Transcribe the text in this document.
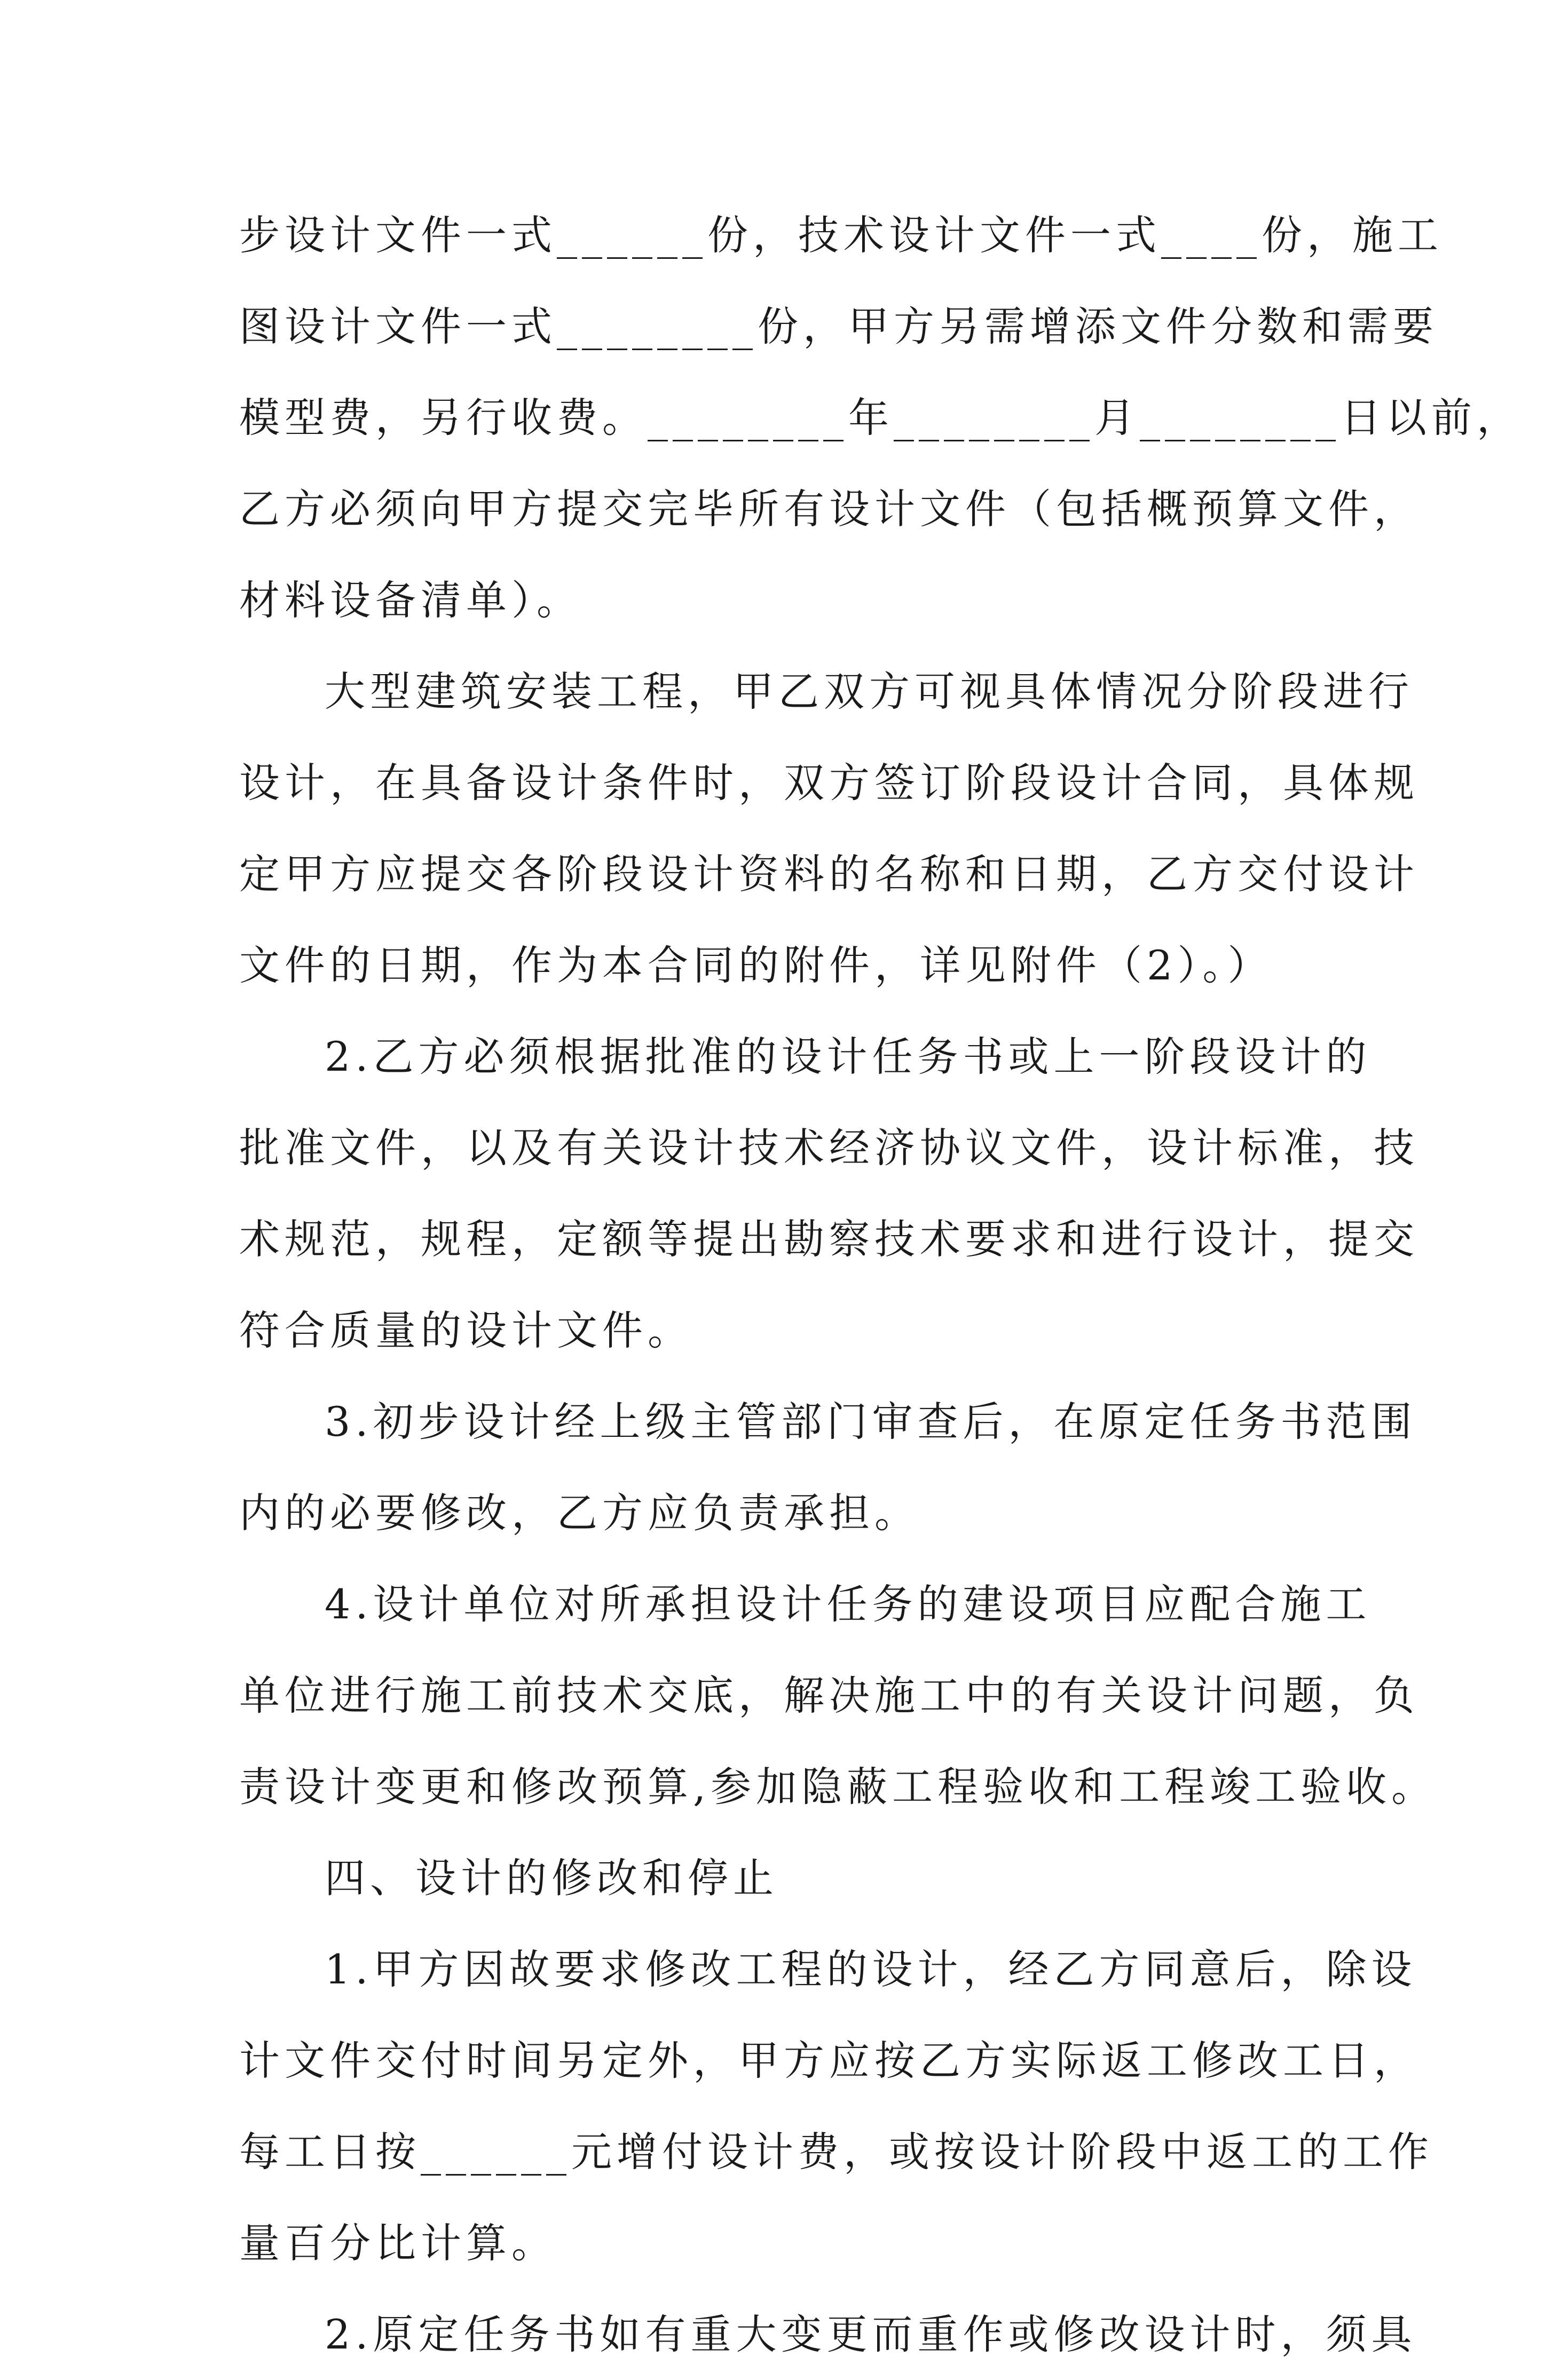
步设计文件一式______份，技术设计文件一式____份，施工
图设计文件一式________份，甲方另需增添文件分数和需要
模型费，另行收费。________年________月________日以前，
乙方必须向甲方提交完毕所有设计文件（包括概预算文件，
材料设备清单）。
大型建筑安装工程，甲乙双方可视具体情况分阶段进行
设计，在具备设计条件时，双方签订阶段设计合同，具体规
定甲方应提交各阶段设计资料的名称和日期，乙方交付设计
文件的日期，作为本合同的附件，详见附件（2）。）
2.乙方必须根据批准的设计任务书或上一阶段设计的
批准文件，以及有关设计技术经济协议文件，设计标准，技
术规范，规程，定额等提出勘察技术要求和进行设计，提交
符合质量的设计文件。
3.初步设计经上级主管部门审查后，在原定任务书范围
内的必要修改，乙方应负责承担。
4.设计单位对所承担设计任务的建设项目应配合施工
单位进行施工前技术交底，解决施工中的有关设计问题，负
责设计变更和修改预算,参加隐蔽工程验收和工程竣工验收。
四、设计的修改和停止
1.甲方因故要求修改工程的设计，经乙方同意后，除设
计文件交付时间另定外，甲方应按乙方实际返工修改工日，
每工日按______元增付设计费，或按设计阶段中返工的工作
量百分比计算。
2.原定任务书如有重大变更而重作或修改设计时，须具
